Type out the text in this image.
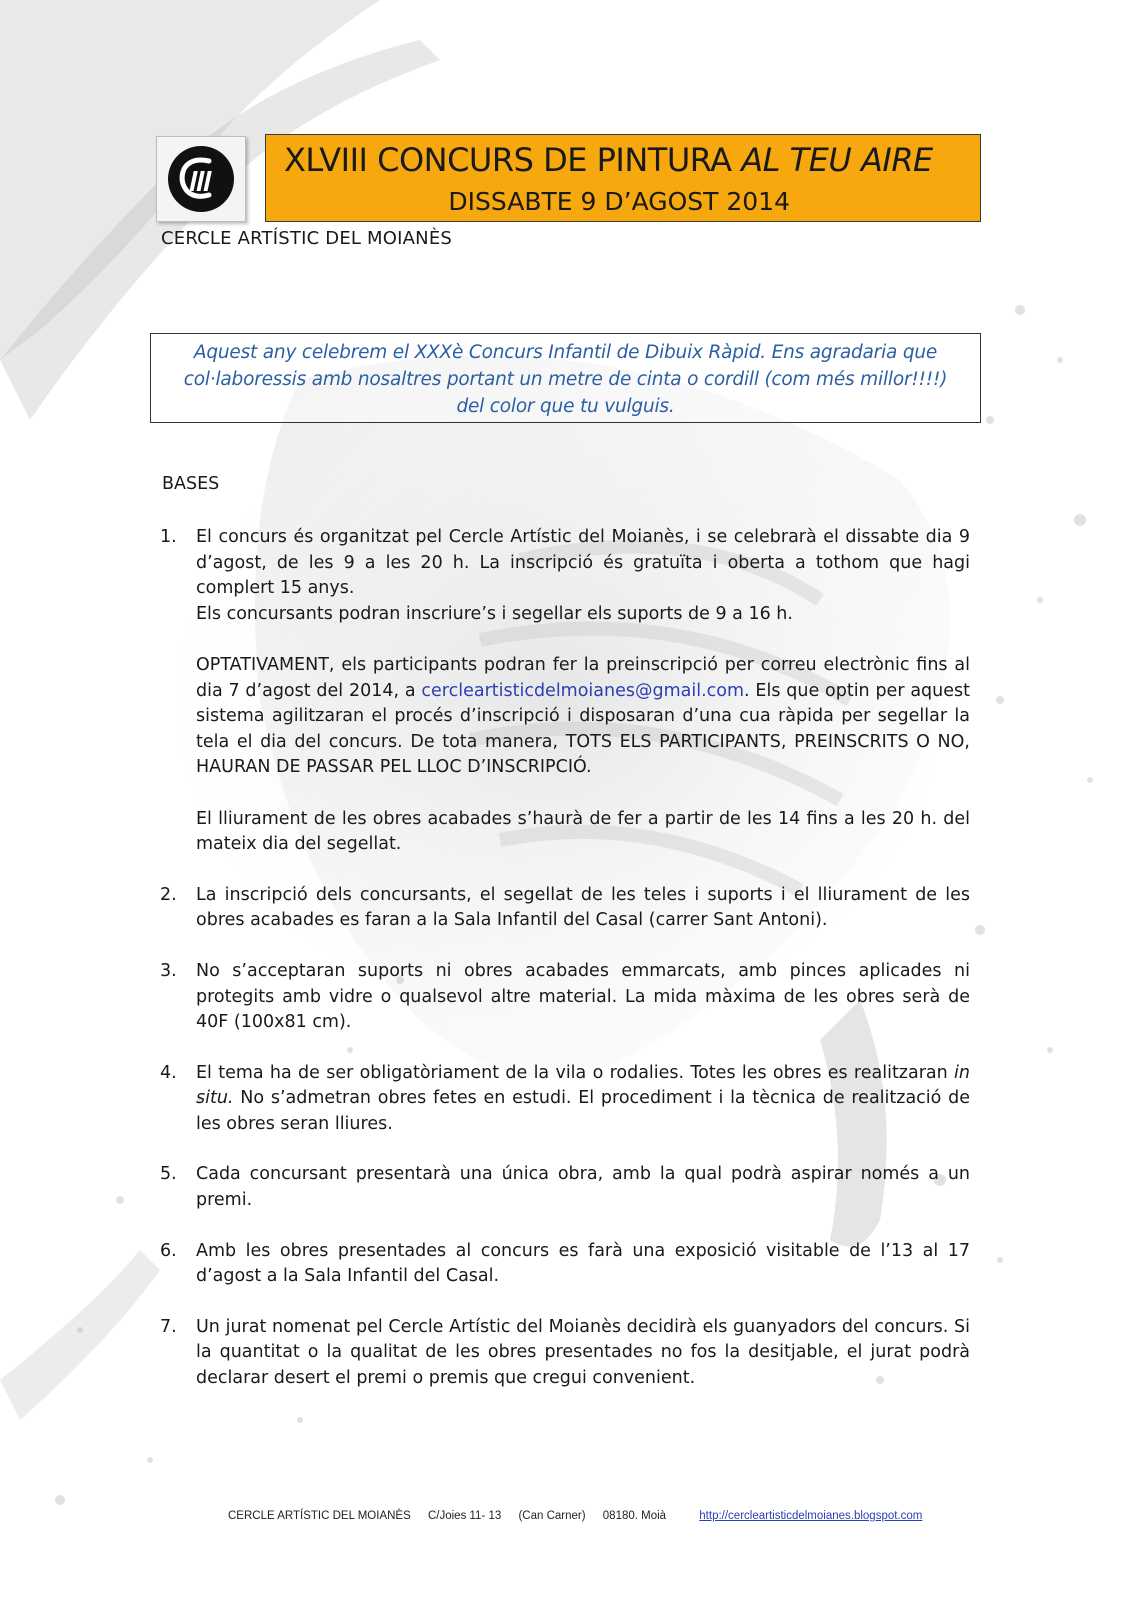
XLVIII CONCURS DE PINTURA AL TEU AIRE
DISSABTE 9 D’AGOST 2014
CERCLE ARTÍSTIC DEL MOIANÈS
Aquest any celebrem el XXXè Concurs Infantil de Dibuix Ràpid. Ens agradaria que
col·laboressis amb nosaltres portant un metre de cinta o cordill (com més millor!!!!)
del color que tu vulguis.
BASES
1. El concurs és organitzat pel Cercle Artístic del Moianès, i se celebrarà el dissabte dia 9 d’agost, de les 9 a les 20 h. La inscripció és gratuïta i oberta a tothom que hagi complert 15 anys.

Els concursants podran inscriure’s i segellar els suports de 9 a 16 h.

OPTATIVAMENT, els participants podran fer la preinscripció per correu electrònic fins al dia 7 d’agost del 2014, a cercleartisticdelmoianes@gmail.com. Els que optin per aquest sistema agilitzaran el procés d’inscripció i disposaran d’una cua ràpida per segellar la tela el dia del concurs. De tota manera, TOTS ELS PARTICIPANTS, PREINSCRITS O NO, HAURAN DE PASSAR PEL LLOC D’INSCRIPCIÓ.

El lliurament de les obres acabades s’haurà de fer a partir de les 14 fins a les 20 h. del mateix dia del segellat.

2. La inscripció dels concursants, el segellat de les teles i suports i el lliurament de les obres acabades es faran a la Sala Infantil del Casal (carrer Sant Antoni).

3. No s’acceptaran suports ni obres acabades emmarcats, amb pinces aplicades ni protegits amb vidre o qualsevol altre material. La mida màxima de les obres serà de 40F (100x81 cm).

4. El tema ha de ser obligatòriament de la vila o rodalies. Totes les obres es realitzaran in situ. No s’admetran obres fetes en estudi. El procediment i la tècnica de realització de les obres seran lliures.

5. Cada concursant presentarà una única obra, amb la qual podrà aspirar només a un premi.

6. Amb les obres presentades al concurs es farà una exposició visitable de l’13 al 17 d’agost a la Sala Infantil del Casal.

7. Un jurat nomenat pel Cercle Artístic del Moianès decidirà els guanyadors del concurs. Si la quantitat o la qualitat de les obres presentades no fos la desitjable, el jurat podrà declarar desert el premi o premis que cregui convenient.

CERCLE ARTÍSTIC DEL MOIANÈS C/Joies 11- 13 (Can Carner) 08180. Moià	http://cercleartisticdelmoianes.blogspot.com
